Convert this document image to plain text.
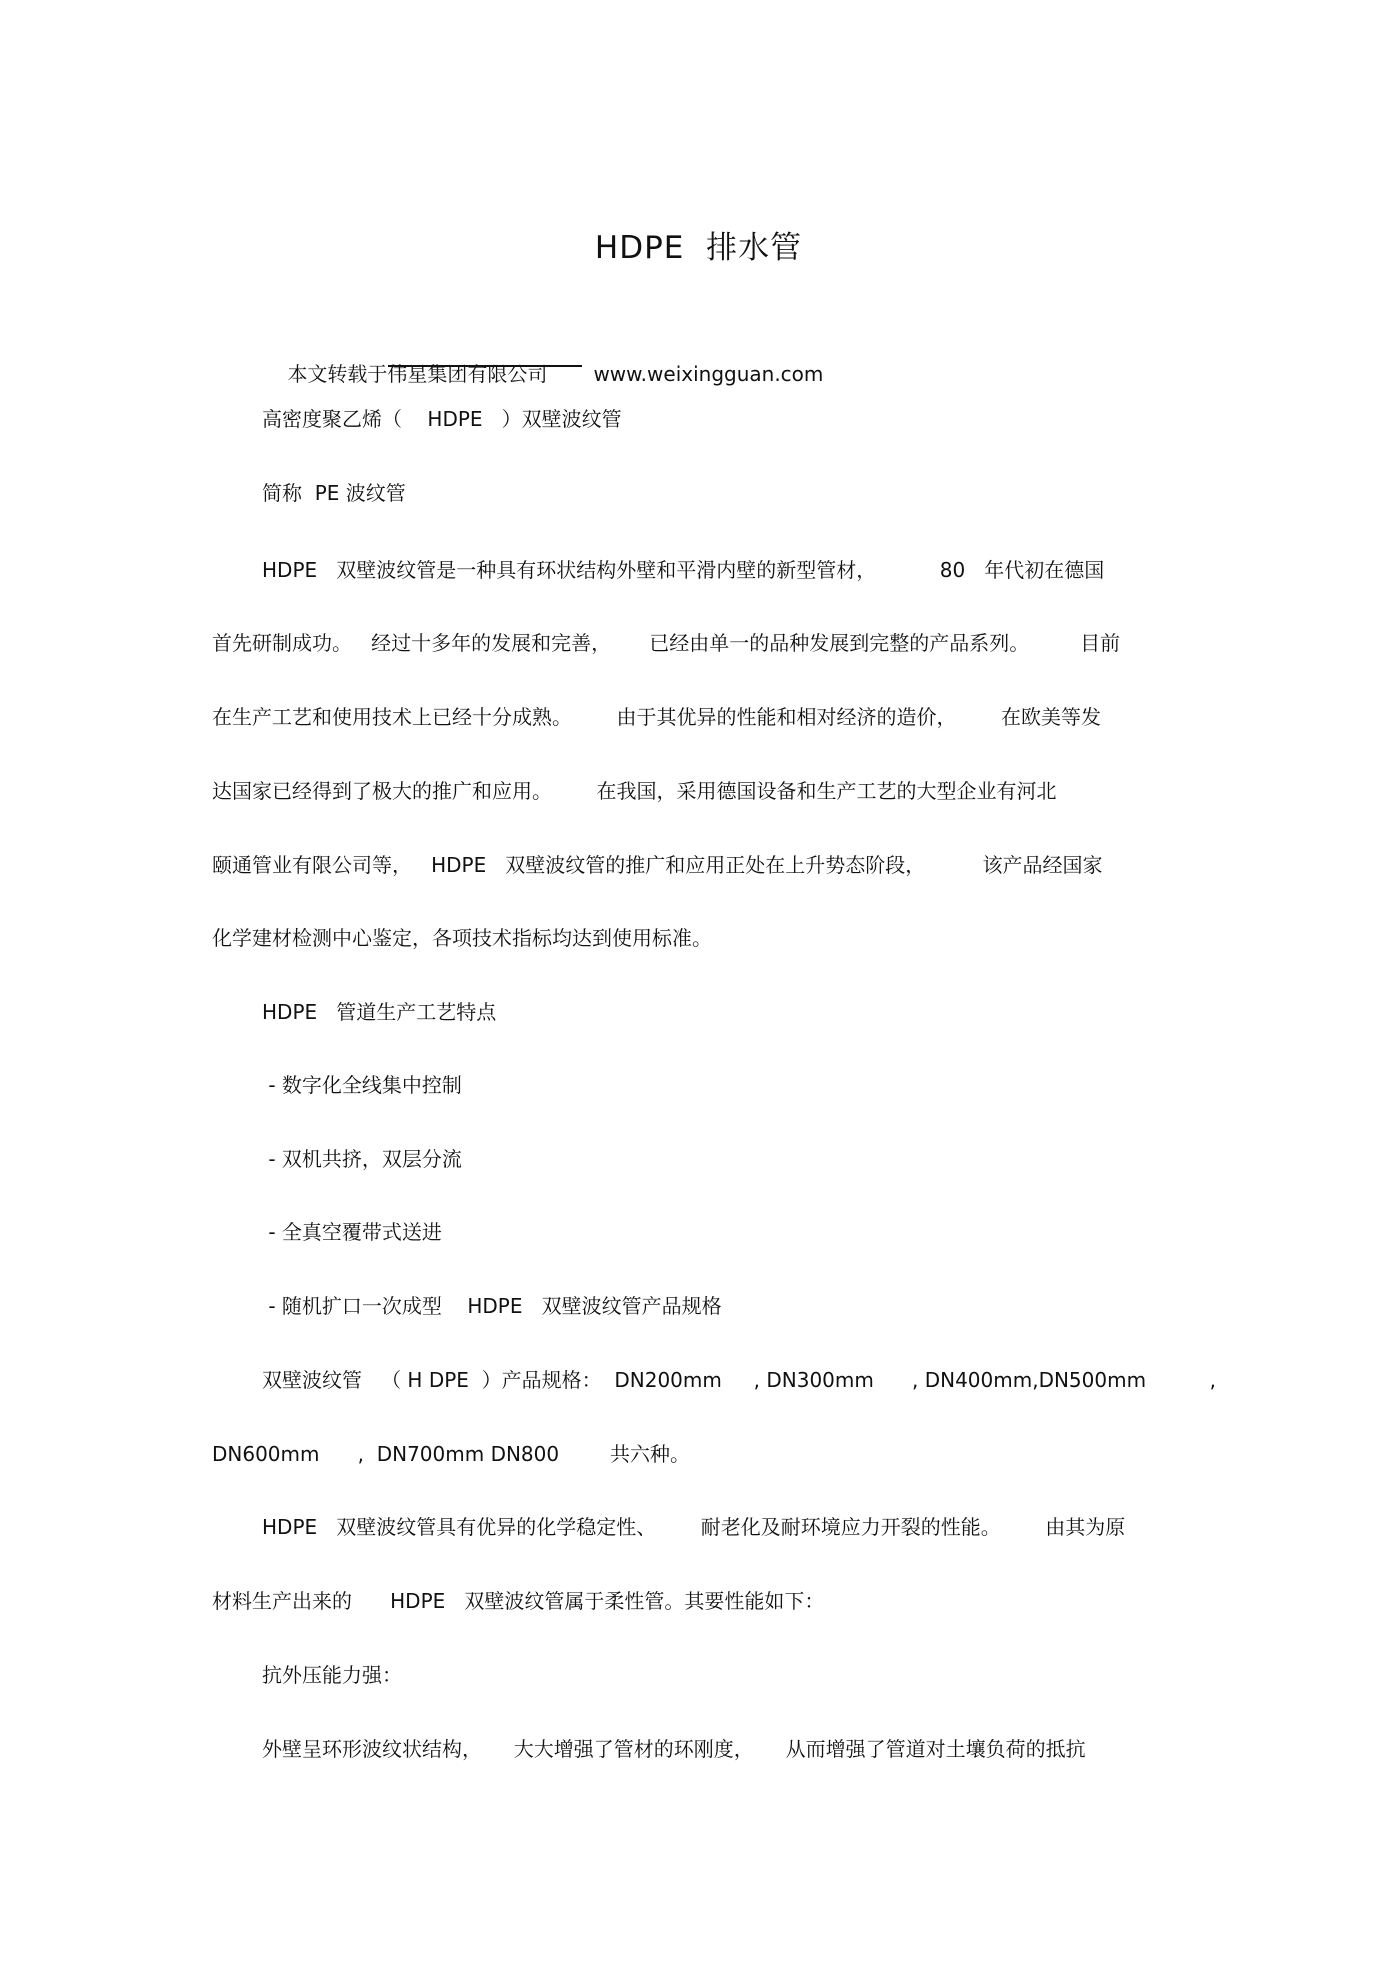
HDPE  排水管

本文转载于伟星集团有限公司 www.weixingguan.com

高密度聚乙烯（    HDPE   ）双壁波纹管
简称  PE 波纹管
HDPE   双壁波纹管是一种具有环状结构外壁和平滑内壁的新型管材，          80   年代初在德国
首先研制成功。   经过十多年的发展和完善，      已经由单一的品种发展到完整的产品系列。        目前
在生产工艺和使用技术上已经十分成熟。       由于其优异的性能和相对经济的造价，       在欧美等发
达国家已经得到了极大的推广和应用。       在我国，采用德国设备和生产工艺的大型企业有河北
颐通管业有限公司等，   HDPE   双壁波纹管的推广和应用正处在上升势态阶段，         该产品经国家
化学建材检测中心鉴定，各项技术指标均达到使用标准。
HDPE   管道生产工艺特点
- 数字化全线集中控制
- 双机共挤，双层分流
- 全真空覆带式送进
- 随机扩口一次成型    HDPE   双壁波纹管产品规格
双壁波纹管   （ H DPE  ）产品规格：  DN200mm     , DN300mm      , DN400mm,DN500mm          ,
DN600mm      ,  DN700mm DN800        共六种。
HDPE   双壁波纹管具有优异的化学稳定性、       耐老化及耐环境应力开裂的性能。       由其为原
材料生产出来的      HDPE   双壁波纹管属于柔性管。其要性能如下：
抗外压能力强：
外壁呈环形波纹状结构，     大大增强了管材的环刚度，     从而增强了管道对土壤负荷的抵抗
